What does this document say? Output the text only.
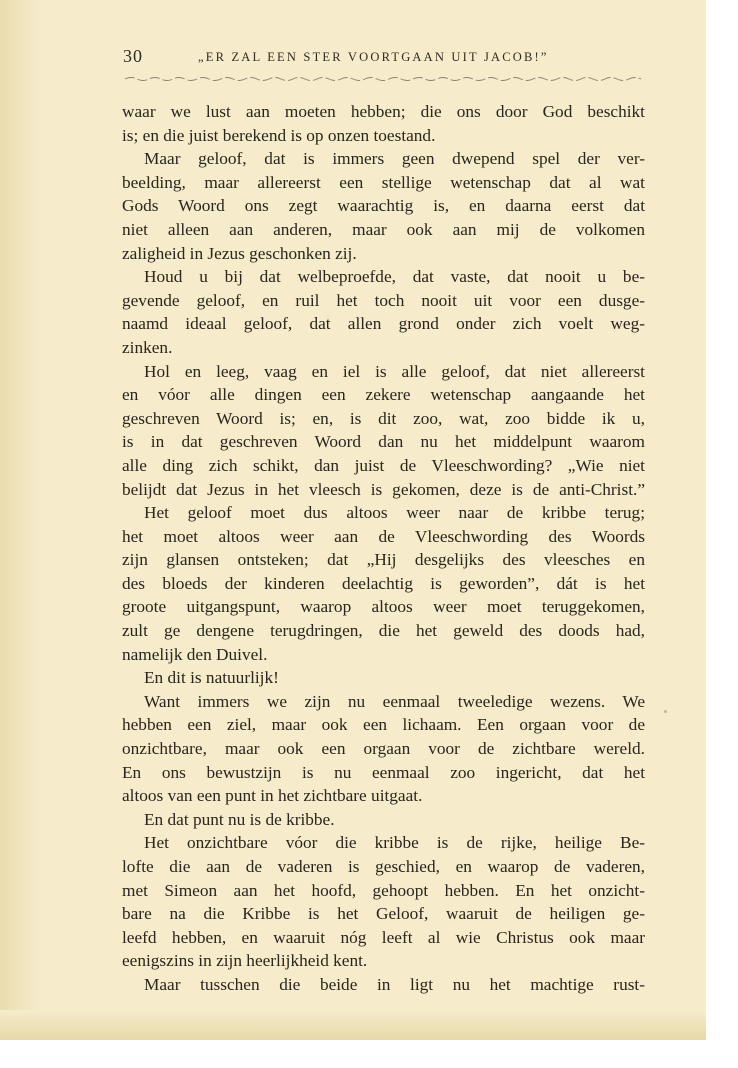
30	„ER ZAL EEN STER VOORTGAAN UIT JACOB!”
waar we lust aan moeten hebben; die ons door God beschikt
is; en die juist berekend is op onzen toestand.
Maar geloof, dat is immers geen dwepend spel der ver-
beelding, maar allereerst een stellige wetenschap dat al wat
Gods Woord ons zegt waarachtig is, en daarna eerst dat
niet alleen aan anderen, maar ook aan mij de volkomen
zaligheid in Jezus geschonken zij.
Houd u bij dat welbeproefde, dat vaste, dat nooit u be-
gevende geloof, en ruil het toch nooit uit voor een dusge-
naamd ideaal geloof, dat allen grond onder zich voelt weg-
zinken.
Hol en leeg, vaag en iel is alle geloof, dat niet allereerst
en vóor alle dingen een zekere wetenschap aangaande het
geschreven Woord is; en, is dit zoo, wat, zoo bidde ik u,
is in dat geschreven Woord dan nu het middelpunt waarom
alle ding zich schikt, dan juist de Vleeschwording? „Wie niet
belijdt dat Jezus in het vleesch is gekomen, deze is de anti-Christ.”
Het geloof moet dus altoos weer naar de kribbe terug;
het moet altoos weer aan de Vleeschwording des Woords
zijn glansen ontsteken; dat „Hij desgelijks des vleesches en
des bloeds der kinderen deelachtig is geworden”, dát is het
groote uitgangspunt, waarop altoos weer moet teruggekomen,
zult ge dengene terugdringen, die het geweld des doods had,
namelijk den Duivel.
En dit is natuurlijk!
Want immers we zijn nu eenmaal tweeledige wezens. We
hebben een ziel, maar ook een lichaam. Een orgaan voor de
onzichtbare, maar ook een orgaan voor de zichtbare wereld.
En ons bewustzijn is nu eenmaal zoo ingericht, dat het
altoos van een punt in het zichtbare uitgaat.
En dat punt nu is de kribbe.
Het onzichtbare vóor die kribbe is de rijke, heilige Be-
lofte die aan de vaderen is geschied, en waarop de vaderen,
met Simeon aan het hoofd, gehoopt hebben. En het onzicht-
bare na die Kribbe is het Geloof, waaruit de heiligen ge-
leefd hebben, en waaruit nóg leeft al wie Christus ook maar
eenigszins in zijn heerlijkheid kent.
Maar tusschen die beide in ligt nu het machtige rust-
